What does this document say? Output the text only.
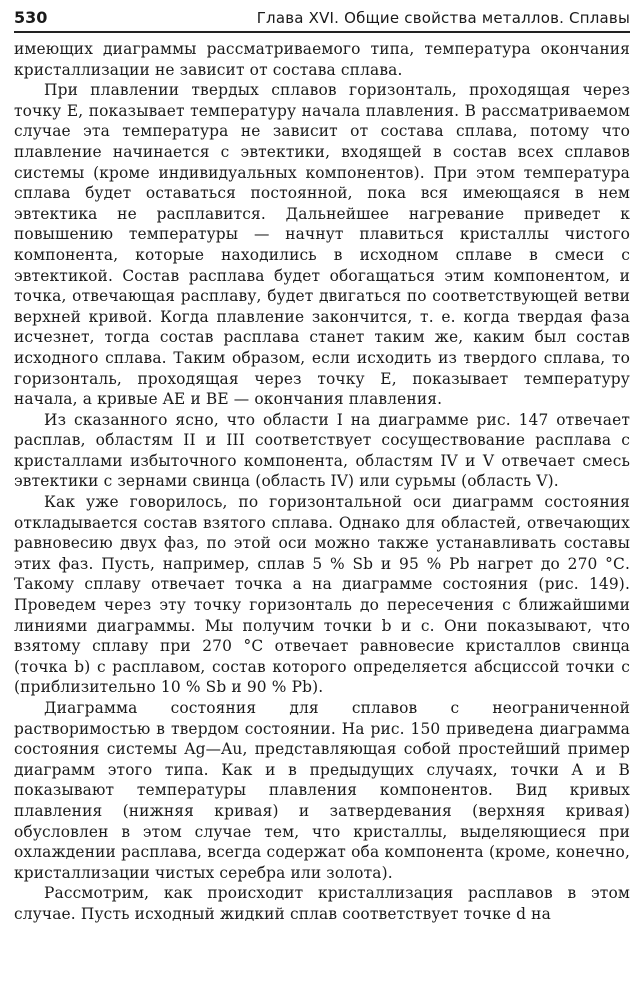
530	Глава XVI. Общие свойства металлов. Сплавы

имеющих диаграммы рассматриваемого типа, температура окончания кристаллизации не зависит от состава сплава.

При плавлении твердых сплавов горизонталь, проходящая через точку E, показывает температуру начала плавления. В рассматриваемом случае эта температура не зависит от состава сплава, потому что плавление начинается с эвтектики, входящей в состав всех сплавов системы (кроме индивидуальных компонентов). При этом температура сплава будет оставаться постоянной, пока вся имеющаяся в нем эвтектика не расплавится. Дальнейшее нагревание приведет к повышению температуры — начнут плавиться кристаллы чистого компонента, которые находились в исходном сплаве в смеси с эвтектикой. Состав расплава будет обогащаться этим компонентом, и точка, отвечающая расплаву, будет двигаться по соответствующей ветви верхней кривой. Когда плавление закончится, т. е. когда твердая фаза исчезнет, тогда состав расплава станет таким же, каким был состав исходного сплава. Таким образом, если исходить из твердого сплава, то горизонталь, проходящая через точку E, показывает температуру начала, а кривые AE и BE — окончания плавления.

Из сказанного ясно, что области I на диаграмме рис. 147 отвечает расплав, областям II и III соответствует сосуществование расплава с кристаллами избыточного компонента, областям IV и V отвечает смесь эвтектики с зернами свинца (область IV) или сурьмы (область V).

Как уже говорилось, по горизонтальной оси диаграмм состояния откладывается состав взятого сплава. Однако для областей, отвечающих равновесию двух фаз, по этой оси можно также устанавливать составы этих фаз. Пусть, например, сплав 5 % Sb и 95 % Pb нагрет до 270 °С. Такому сплаву отвечает точка a на диаграмме состояния (рис. 149). Проведем через эту точку горизонталь до пересечения с ближайшими линиями диаграммы. Мы получим точки b и c. Они показывают, что взятому сплаву при 270 °С отвечает равновесие кристаллов свинца (точка b) с расплавом, состав которого определяется абсциссой точки c (приблизительно 10 % Sb и 90 % Pb).

Диаграмма состояния для сплавов с неограниченной растворимостью в твердом состоянии. На рис. 150 приведена диаграмма состояния системы Ag—Au, представляющая собой простейший пример диаграмм этого типа. Как и в предыдущих случаях, точки A и B показывают температуры плавления компонентов. Вид кривых плавления (нижняя кривая) и затвердевания (верхняя кривая) обусловлен в этом случае тем, что кристаллы, выделяющиеся при охлаждении расплава, всегда содержат оба компонента (кроме, конечно, кристаллизации чистых серебра или золота).

Рассмотрим, как происходит кристаллизация расплавов в этом случае. Пусть исходный жидкий сплав соответствует точке d на
